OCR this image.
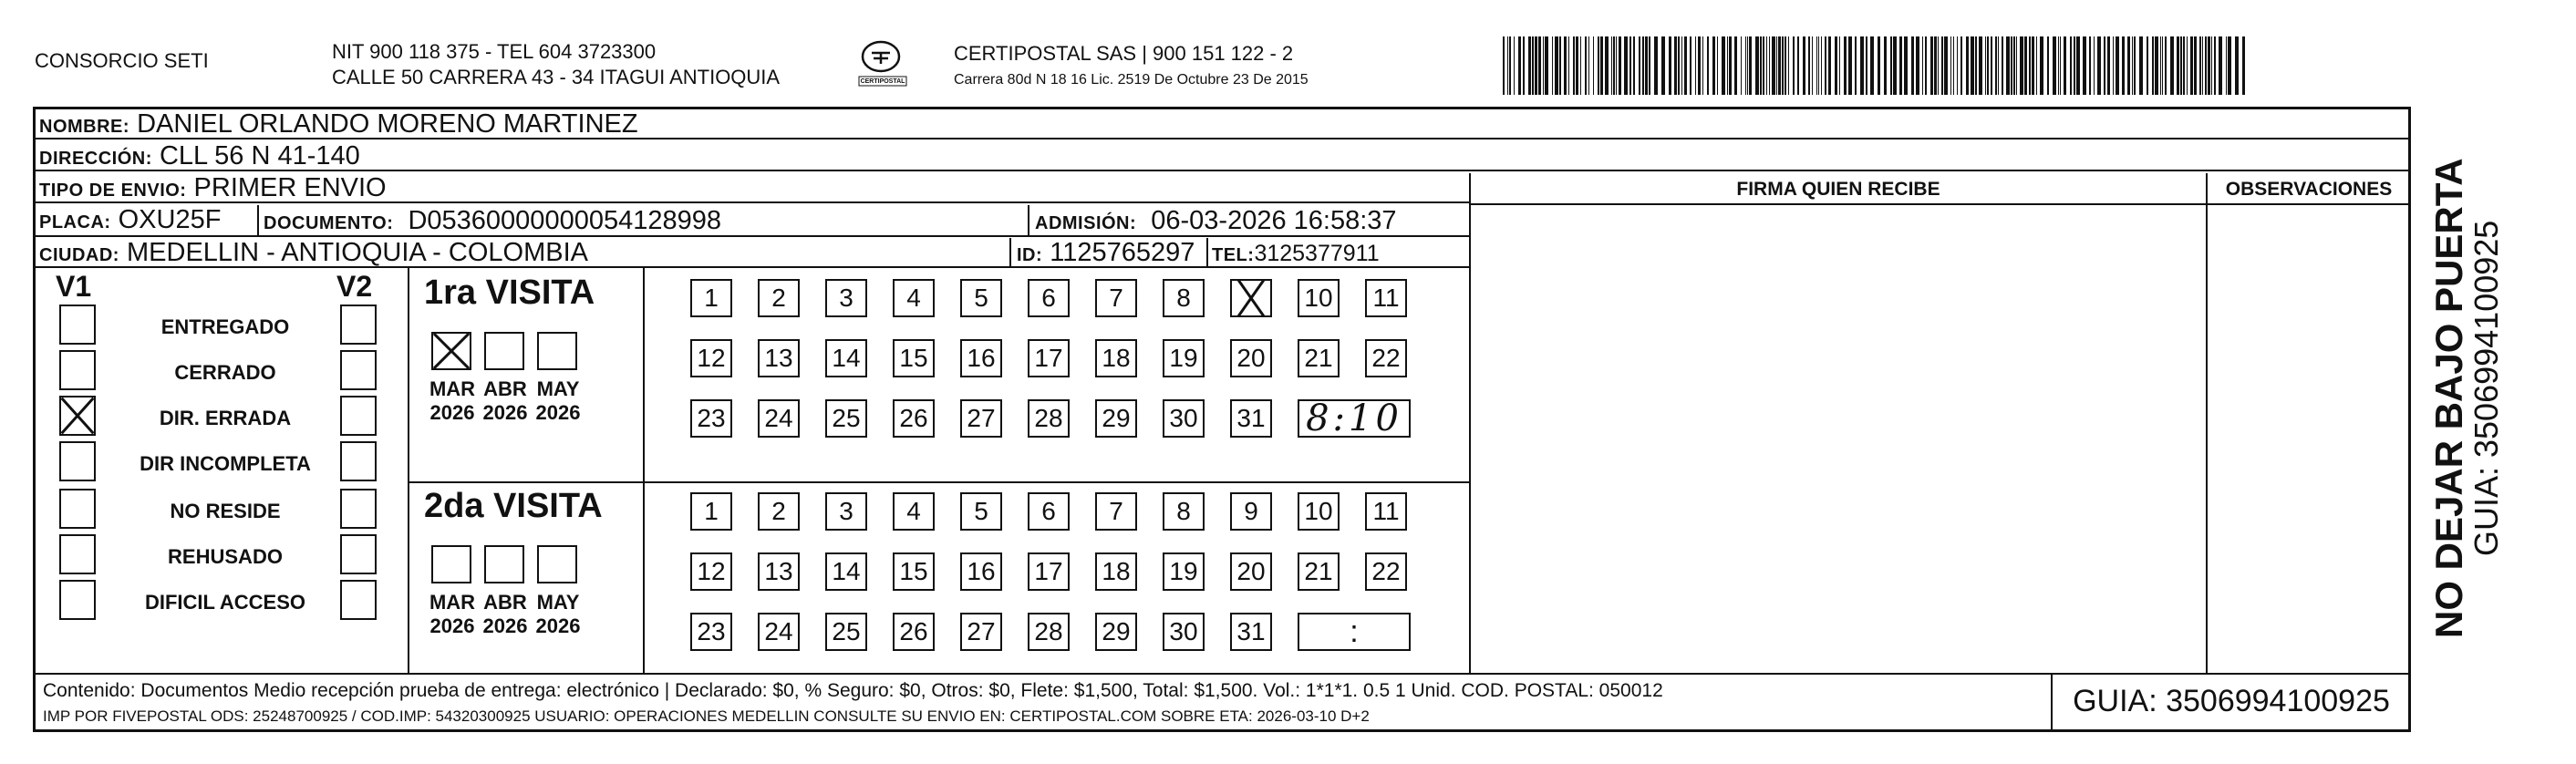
CONSORCIO SETI	NIT 900 118 375 - TEL 604 3723300
CALLE 50 CARRERA 43 - 34 ITAGUI ANTIOQUIA	CERTIPOSTAL
CERTIPOSTAL SAS | 900 151 122 - 2
Carrera 80d N 18 16 Lic. 2519 De Octubre 23 De 2015
NOMBRE: DANIEL ORLANDO MORENO MARTINEZ
DIRECCIÓN: CLL 56 N 41-140
TIPO DE ENVIO: PRIMER ENVIO
PLACA: OXU25F	DOCUMENTO: D05360000000054128998	ADMISIÓN: 06-03-2026 16:58:37
CIUDAD: MEDELLIN - ANTIOQUIA - COLOMBIA	ID: 1125765297 TEL:3125377911
FIRMA QUIEN RECIBE	OBSERVACIONES
V1	V2
ENTREGADO
CERRADO
DIR. ERRADA
DIR INCOMPLETA
NO RESIDE
REHUSADO
DIFICIL ACCESO
1ra VISITA
MAR
2026
ABR
2026
MAY
2026
1	2	3	4	5	6	7	8	10	11
12 13 14 15 16 17 18 19 20 21 22
23 24 25 26 27 28 29 30 31 8:10
2da VISITA
MAR
2026
ABR
2026
MAY
2026
1	2	3	4	5	6	7	8	9	10	11
12 13 14 15 16 17 18 19 20 21 22
23 24 25 26 27 28 29 30 31	:
Contenido: Documentos Medio recepción prueba de entrega: electrónico | Declarado: $0, % Seguro: $0, Otros: $0, Flete: $1,500, Total: $1,500. Vol.: 1*1*1. 0.5 1 Unid. COD. POSTAL: 050012
IMP POR FIVEPOSTAL ODS: 25248700925 / COD.IMP: 54320300925 USUARIO: OPERACIONES MEDELLIN CONSULTE SU ENVIO EN: CERTIPOSTAL.COM SOBRE ETA: 2026-03-10 D+2	GUIA: 3506994100925
NO DEJAR BAJO PUERTA
GUIA: 3506994100925
